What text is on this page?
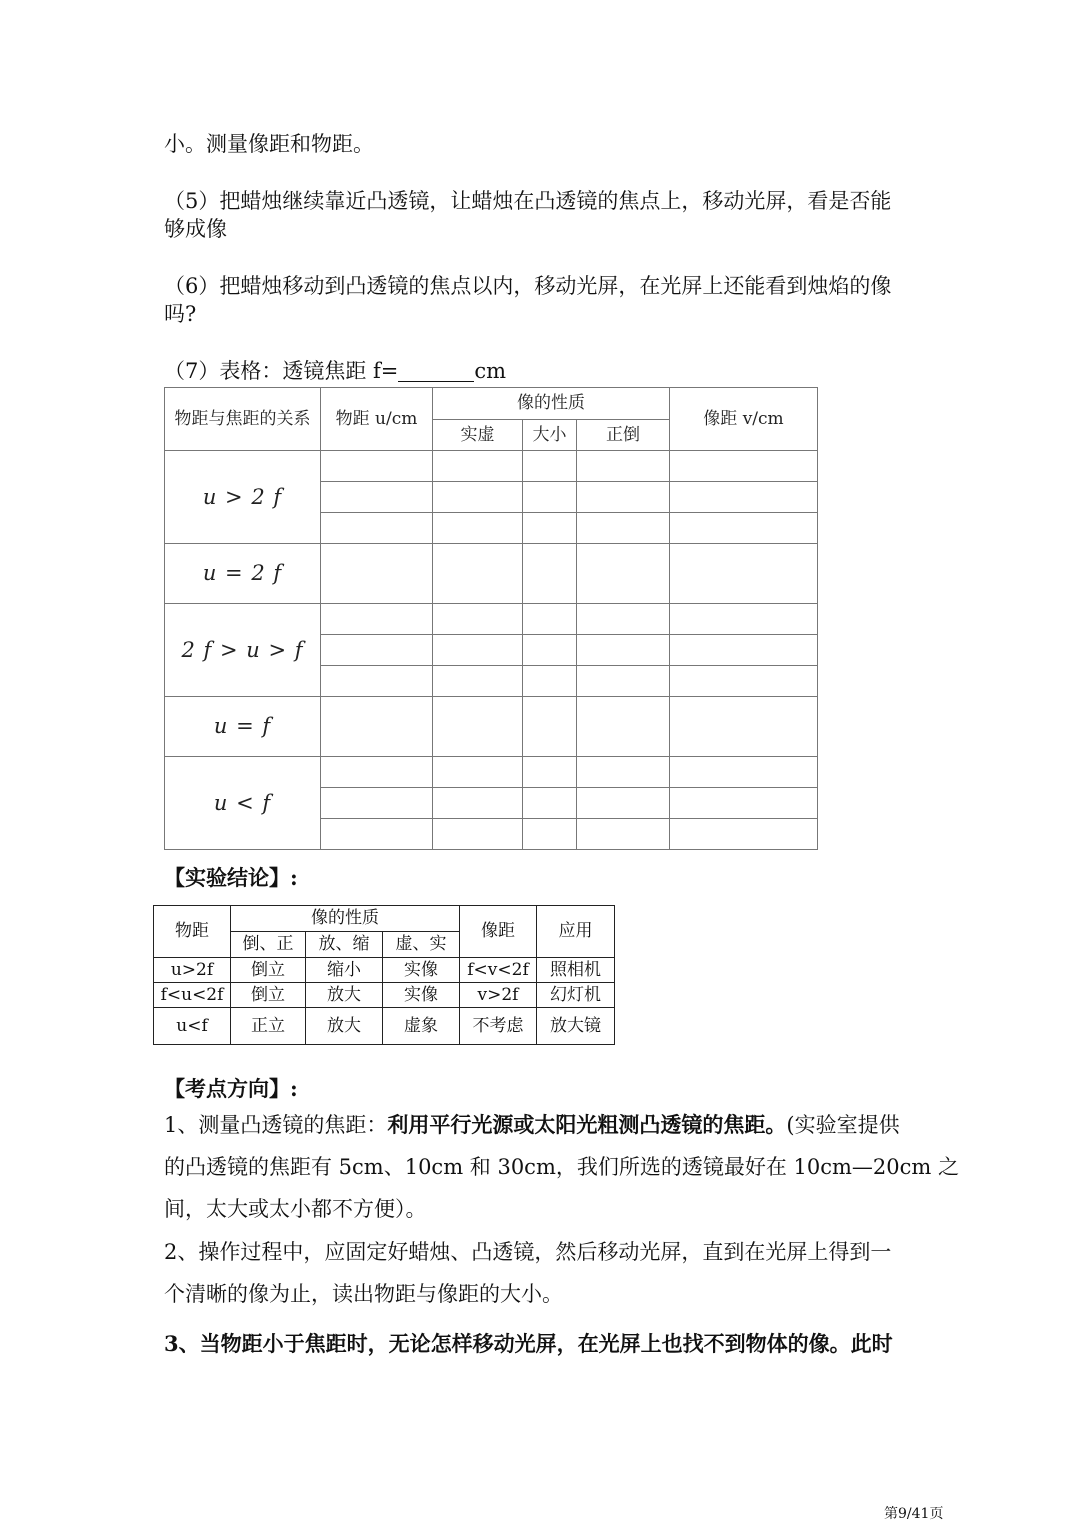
小。测量像距和物距。
（5）把蜡烛继续靠近凸透镜，让蜡烛在凸透镜的焦点上，移动光屏，看是否能
够成像
（6）把蜡烛移动到凸透镜的焦点以内，移动光屏，在光屏上还能看到烛焰的像
吗?
（7）表格：透镜焦距 f=	cm
物距与焦距的关系	物距 u/cm	像的性质			像距 v/cm
		实虚	大小	正倒	
u > 2 f					

u = 2 f					
2 f > u > f					

u = f					
u < f					

【实验结论】:
物距	像的性质			像距	应用
	倒、正	放、缩	虚、实		
u>2f	倒立	缩小	实像	f<v<2f	照相机
f<u<2f	倒立	放大	实像	v>2f	幻灯机
u<f	正立	放大	虚象	不考虑	放大镜
【考点方向】:
1、测量凸透镜的焦距：利用平行光源或太阳光粗测凸透镜的焦距。(实验室提供
的凸透镜的焦距有 5cm、10cm 和 30cm，我们所选的透镜最好在 10cm—20cm 之
间，太大或太小都不方便）。
2、操作过程中，应固定好蜡烛、凸透镜，然后移动光屏，直到在光屏上得到一
个清晰的像为止，读出物距与像距的大小。
3、当物距小于焦距时，无论怎样移动光屏，在光屏上也找不到物体的像。此时
第9/41页
